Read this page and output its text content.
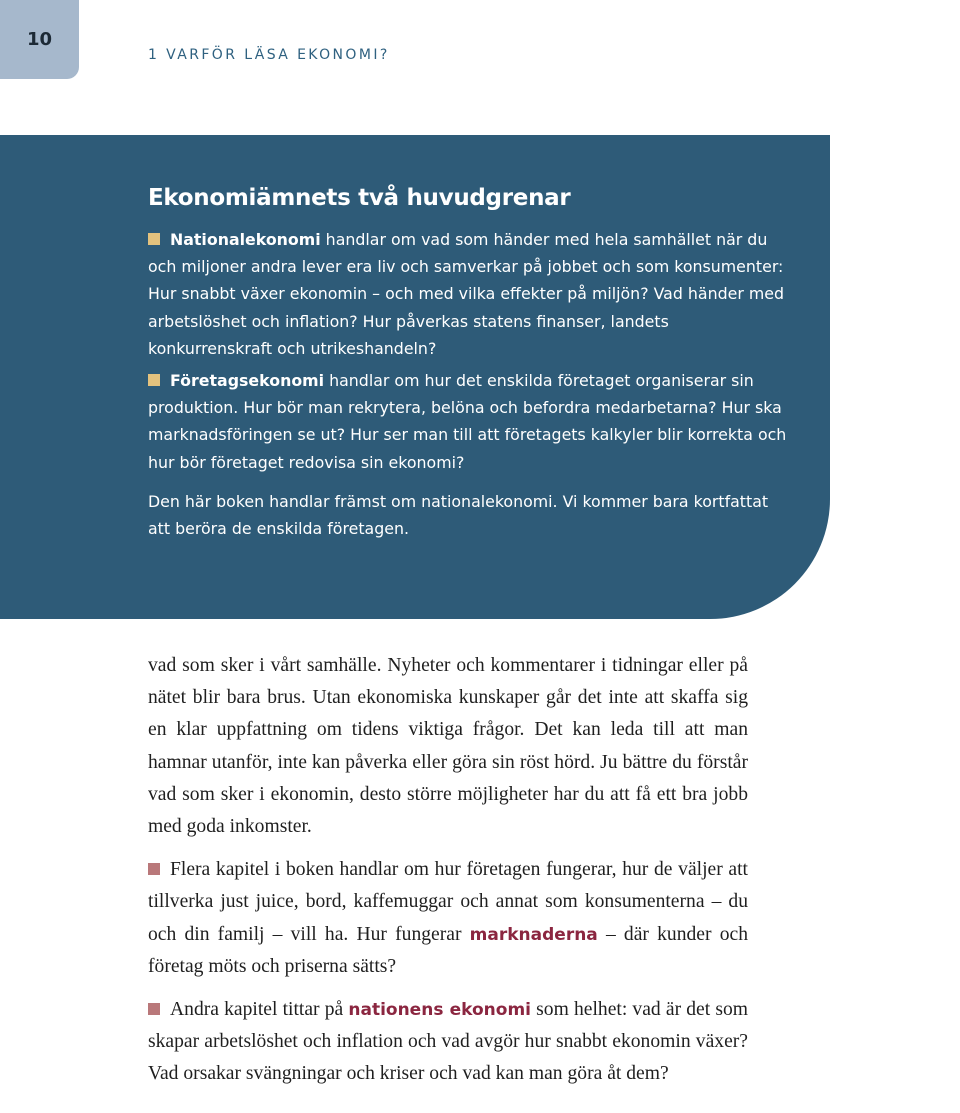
10
1 VARFÖR LÄSA EKONOMI?
Ekonomiämnets två huvudgrenar

Nationalekonomi handlar om vad som händer med hela samhället när du och miljoner andra lever era liv och samverkar på jobbet och som konsumenter: Hur snabbt växer ekonomin – och med vilka effekter på miljön? Vad händer med arbetslöshet och inflation? Hur påverkas statens finanser, landets konkurrenskraft och utrikeshandeln?

Företagsekonomi handlar om hur det enskilda företaget organiserar sin produktion. Hur bör man rekrytera, belöna och befordra medarbetarna? Hur ska marknadsföringen se ut? Hur ser man till att företagets kalkyler blir korrekta och hur bör företaget redovisa sin ekonomi?

Den här boken handlar främst om nationalekonomi. Vi kommer bara kortfattat att beröra de enskilda företagen.

vad som sker i vårt samhälle. Nyheter och kommentarer i tidningar eller på nätet blir bara brus. Utan ekonomiska kunskaper går det inte att skaffa sig en klar uppfattning om tidens viktiga frågor. Det kan leda till att man hamnar utanför, inte kan påverka eller göra sin röst hörd. Ju bättre du förstår vad som sker i ekonomin, desto större möjligheter har du att få ett bra jobb med goda inkomster.

Flera kapitel i boken handlar om hur företagen fungerar, hur de väljer att tillverka just juice, bord, kaffemuggar och annat som konsumenterna – du och din familj – vill ha. Hur fungerar marknaderna – där kunder och företag möts och priserna sätts?

Andra kapitel tittar på nationens ekonomi som helhet: vad är det som skapar arbetslöshet och inflation och vad avgör hur snabbt ekonomin växer? Vad orsakar svängningar och kriser och vad kan man göra åt dem?
